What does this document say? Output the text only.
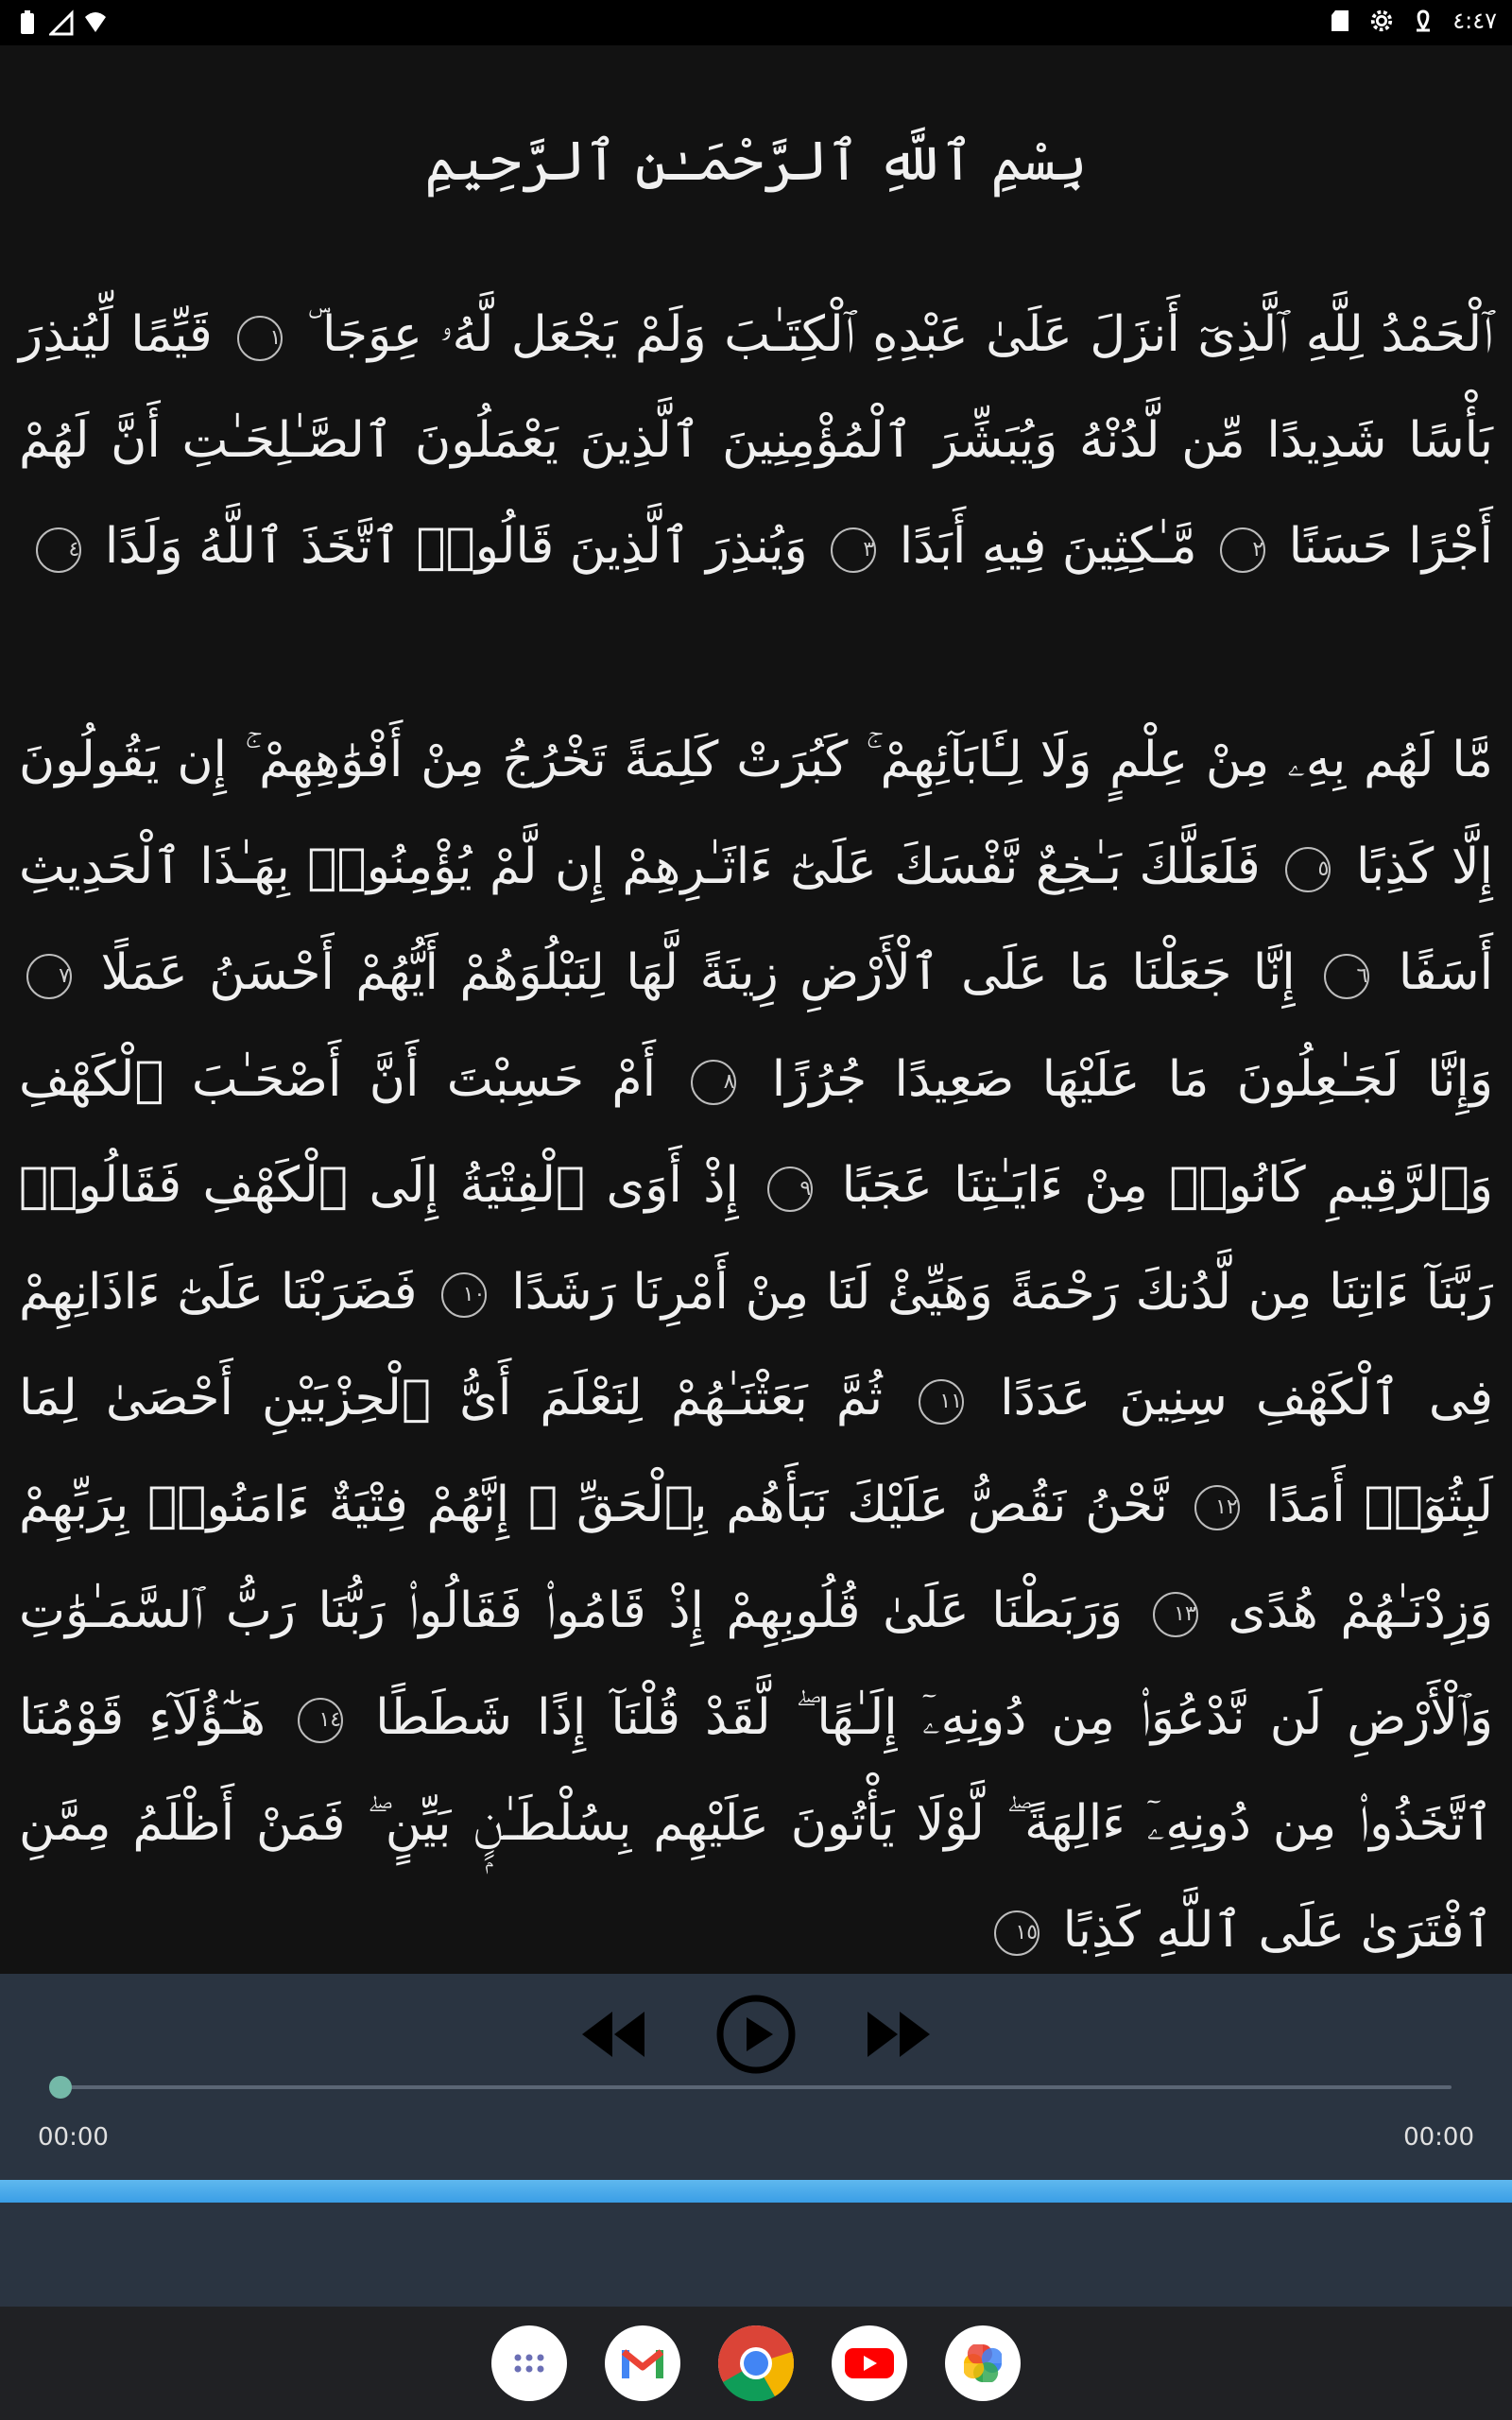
٤:٤٧
بِسْمِ ٱللَّهِ ٱلرَّحْمَـٰنِ ٱلرَّحِيمِ
ٱلْحَمْدُ لِلَّهِ ٱلَّذِىٓ أَنزَلَ عَلَىٰ عَبْدِهِ ٱلْكِتَـٰبَ وَلَمْ يَجْعَل لَّهُۥ عِوَجَا ۜ ١ قَيِّمًا لِّيُنذِرَ بَأْسًا شَدِيدًا مِّن لَّدُنْهُ وَيُبَشِّرَ ٱلْمُؤْمِنِينَ ٱلَّذِينَ يَعْمَلُونَ ٱلصَّـٰلِحَـٰتِ أَنَّ لَهُمْ أَجْرًا حَسَنًا ٢ مَّـٰكِثِينَ فِيهِ أَبَدًا ٣ وَيُنذِرَ ٱلَّذِينَ قَالُوا۟ ٱتَّخَذَ ٱللَّهُ وَلَدًا ٤
مَّا لَهُم بِهِۦ مِنْ عِلْمٍ وَلَا لِـَٔابَآئِهِمْ ۚ كَبُرَتْ كَلِمَةً تَخْرُجُ مِنْ أَفْوَٰهِهِمْ ۚ إِن يَقُولُونَ إِلَّا كَذِبًا ٥ فَلَعَلَّكَ بَـٰخِعٌ نَّفْسَكَ عَلَىٰٓ ءَاثَـٰرِهِمْ إِن لَّمْ يُؤْمِنُوا۟ بِهَـٰذَا ٱلْحَدِيثِ أَسَفًا ٦ إِنَّا جَعَلْنَا مَا عَلَى ٱلْأَرْضِ زِينَةً لَّهَا لِنَبْلُوَهُمْ أَيُّهُمْ أَحْسَنُ عَمَلًا ٧ وَإِنَّا لَجَـٰعِلُونَ مَا عَلَيْهَا صَعِيدًا جُرُزًا ٨ أَمْ حَسِبْتَ أَنَّ أَصْحَـٰبَ ٱلْكَهْفِ وَٱلرَّقِيمِ كَانُوا۟ مِنْ ءَايَـٰتِنَا عَجَبًا ٩ إِذْ أَوَى ٱلْفِتْيَةُ إِلَى ٱلْكَهْفِ فَقَالُوا۟ رَبَّنَآ ءَاتِنَا مِن لَّدُنكَ رَحْمَةً وَهَيِّئْ لَنَا مِنْ أَمْرِنَا رَشَدًا ١٠ فَضَرَبْنَا عَلَىٰٓ ءَاذَانِهِمْ فِى ٱلْكَهْفِ سِنِينَ عَدَدًا ١١ ثُمَّ بَعَثْنَـٰهُمْ لِنَعْلَمَ أَىُّ ٱلْحِزْبَيْنِ أَحْصَىٰ لِمَا لَبِثُوٓا۟ أَمَدًا ١٢ نَّحْنُ نَقُصُّ عَلَيْكَ نَبَأَهُم بِٱلْحَقِّ ۚ إِنَّهُمْ فِتْيَةٌ ءَامَنُوا۟ بِرَبِّهِمْ وَزِدْنَـٰهُمْ هُدًى ١٣ وَرَبَطْنَا عَلَىٰ قُلُوبِهِمْ إِذْ قَامُوا۟ فَقَالُوا۟ رَبُّنَا رَبُّ ٱلسَّمَـٰوَٰتِ وَٱلْأَرْضِ لَن نَّدْعُوَا۟ مِن دُونِهِۦٓ إِلَـٰهًا ۖ لَّقَدْ قُلْنَآ إِذًا شَطَطًا ١٤ هَـٰٓؤُلَآءِ قَوْمُنَا ٱتَّخَذُوا۟ مِن دُونِهِۦٓ ءَالِهَةً ۖ لَّوْلَا يَأْتُونَ عَلَيْهِم بِسُلْطَـٰنٍۭ بَيِّنٍ ۖ فَمَنْ أَظْلَمُ مِمَّنِ ٱفْتَرَىٰ عَلَى ٱللَّهِ كَذِبًا ١٥
00:00	00:00
